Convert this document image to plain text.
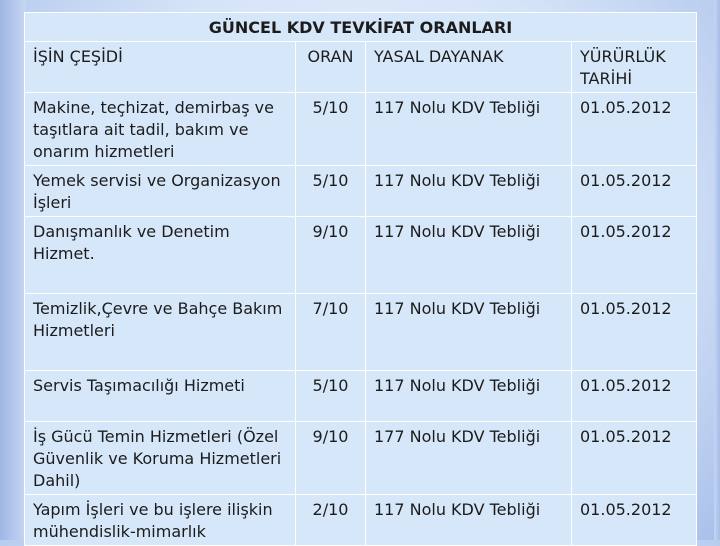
GÜNCEL KDV TEVKİFAT ORANLARI			
İŞİN ÇEŞİDİ	ORAN	YASAL DAYANAK	YÜRÜRLÜK TARİHİ
Makine, teçhizat, demirbaş ve taşıtlara ait tadil, bakım ve onarım hizmetleri	5/10	117 Nolu KDV Tebliği	01.05.2012
Yemek servisi ve Organizasyon İşleri	5/10	117 Nolu KDV Tebliği	01.05.2012
Danışmanlık ve Denetim Hizmet.	9/10	117 Nolu KDV Tebliği	01.05.2012
Temizlik,Çevre ve Bahçe Bakım Hizmetleri	7/10	117 Nolu KDV Tebliği	01.05.2012
Servis Taşımacılığı Hizmeti	5/10	117 Nolu KDV Tebliği	01.05.2012
İş Gücü Temin Hizmetleri (Özel Güvenlik ve Koruma Hizmetleri Dahil)	9/10	177 Nolu KDV Tebliği	01.05.2012
Yapım İşleri ve bu işlere ilişkin mühendislik-mimarlık	2/10	117 Nolu KDV Tebliği	01.05.2012
